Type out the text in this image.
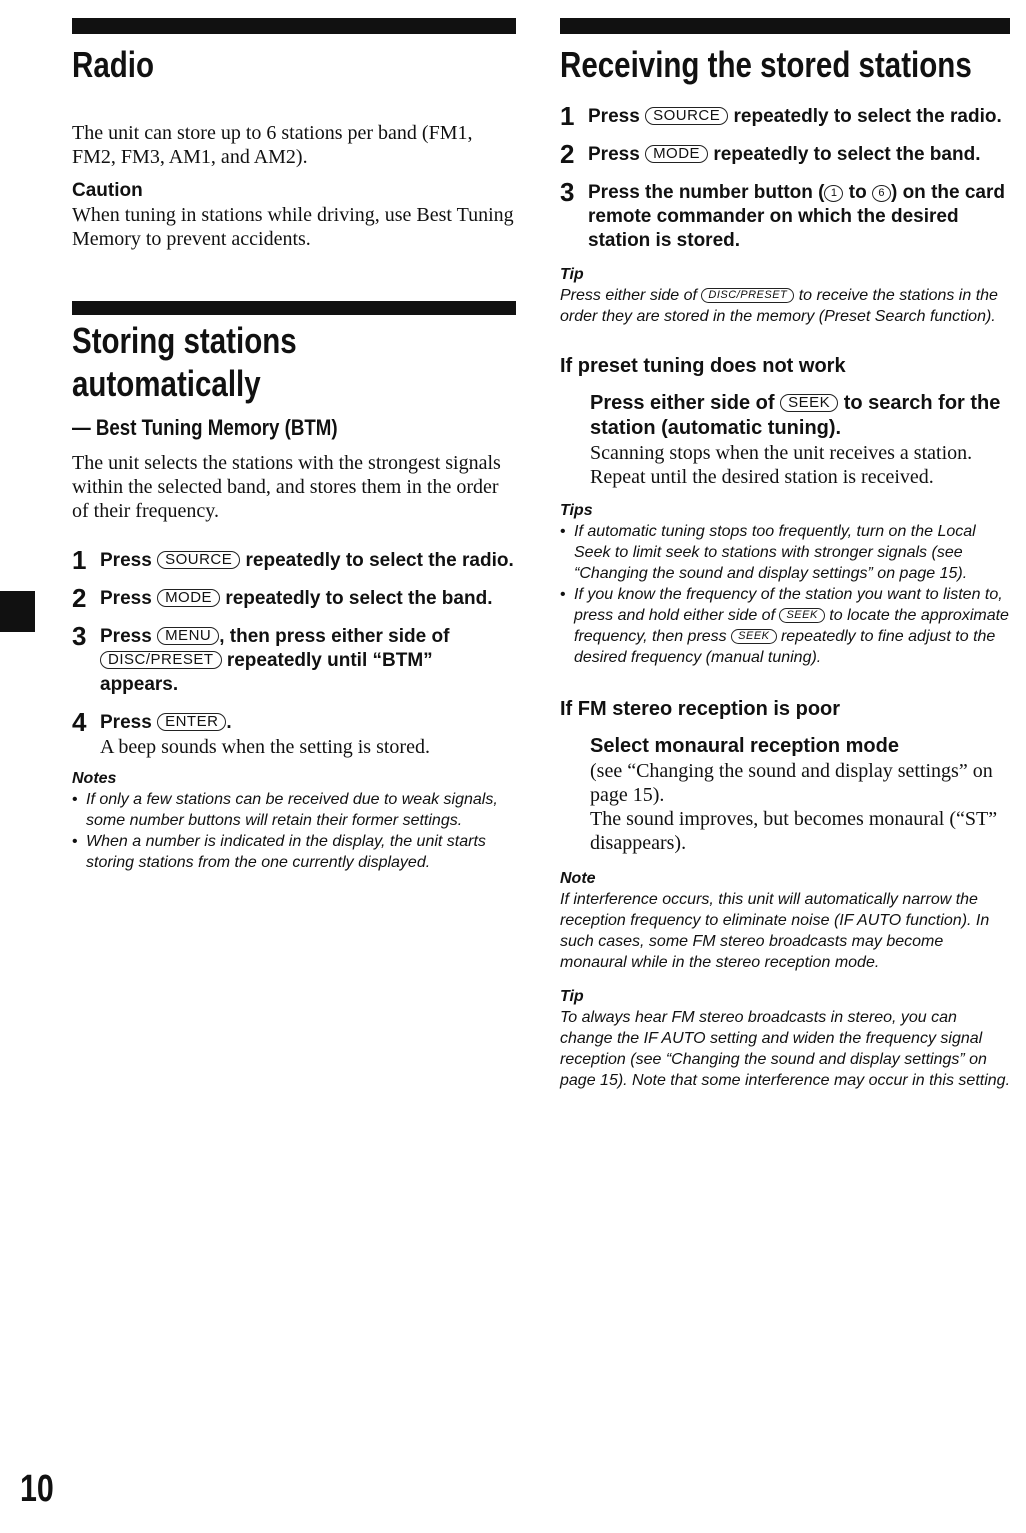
Radio

The unit can store up to 6 stations per band (FM1, FM2, FM3, AM1, and AM2).

Caution

When tuning in stations while driving, use Best Tuning Memory to prevent accidents.

Storing stations
automatically
— Best Tuning Memory (BTM)

The unit selects the stations with the strongest signals within the selected band, and stores them in the order of their frequency.

1 Press SOURCE repeatedly to select the radio.
2 Press MODE repeatedly to select the band.
3 Press MENU , then press either side of DISC/PRESET repeatedly until “BTM” appears.
4 Press ENTER .

A beep sounds when the setting is stored.

Notes
• If only a few stations can be received due to weak signals, some number buttons will retain their former settings.
• When a number is indicated in the display, the unit starts storing stations from the one currently displayed.
Receiving the stored stations
1 Press SOURCE repeatedly to select the radio.
2 Press MODE repeatedly to select the band.
3 Press the number button ( 1 to 6 ) on the card remote commander on which the desired station is stored.
Tip

Press either side of DISC/PRESET to receive the stations in the order they are stored in the memory (Preset Search function).

If preset tuning does not work
Press either side of SEEK to search for the station (automatic tuning).

Scanning stops when the unit receives a station. Repeat until the desired station is received.

Tips
• If automatic tuning stops too frequently, turn on the Local Seek to limit seek to stations with stronger signals (see “Changing the sound and display settings” on page 15).
• If you know the frequency of the station you want to listen to, press and hold either side of SEEK to locate the approximate frequency, then press SEEK repeatedly to fine adjust to the desired frequency (manual tuning).
If FM stereo reception is poor
Select monaural reception mode

(see “Changing the sound and display settings” on page 15).

The sound improves, but becomes monaural (“ST” disappears).

Note

If interference occurs, this unit will automatically narrow the reception frequency to eliminate noise (IF AUTO function). In such cases, some FM stereo broadcasts may become monaural while in the stereo reception mode.

Tip

To always hear FM stereo broadcasts in stereo, you can change the IF AUTO setting and widen the frequency signal reception (see “Changing the sound and display settings” on page 15). Note that some interference may occur in this setting.

10
